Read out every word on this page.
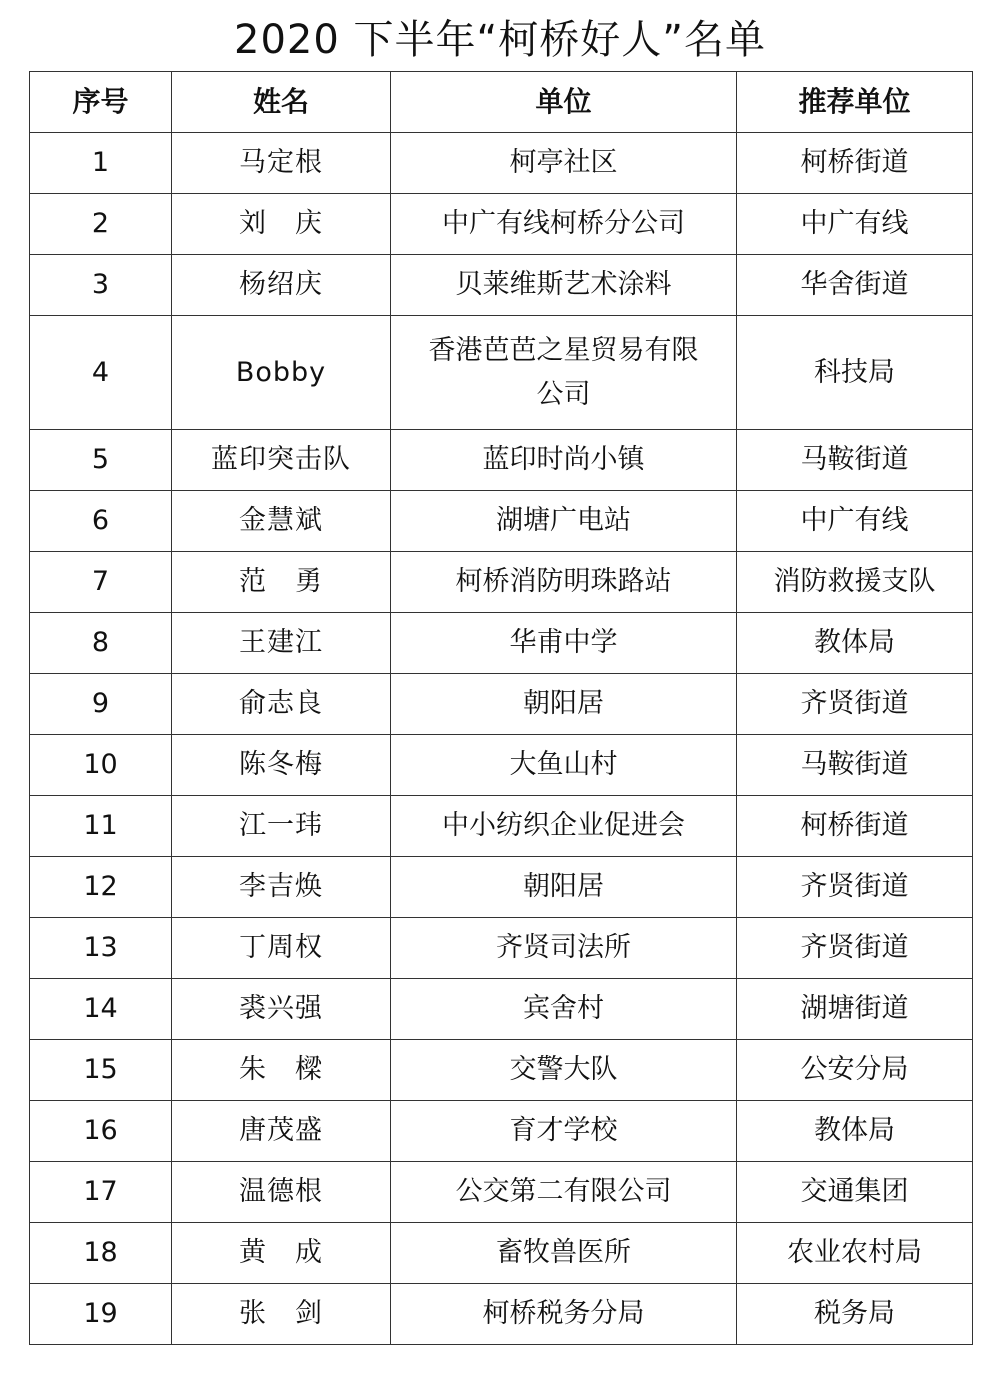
2020 下半年“柯桥好人”名单
序号	姓名	单位	推荐单位
1	马定根	柯亭社区	柯桥街道
2	刘　庆	中广有线柯桥分公司	中广有线
3	杨绍庆	贝莱维斯艺术涂料	华舍街道
4	Bobby	香港芭芭之星贸易有限公司	科技局
5	蓝印突击队	蓝印时尚小镇	马鞍街道
6	金慧斌	湖塘广电站	中广有线
7	范　勇	柯桥消防明珠路站	消防救援支队
8	王建江	华甫中学	教体局
9	俞志良	朝阳居	齐贤街道
10	陈冬梅	大鱼山村	马鞍街道
11	江一玮	中小纺织企业促进会	柯桥街道
12	李吉焕	朝阳居	齐贤街道
13	丁周权	齐贤司法所	齐贤街道
14	裘兴强	宾舍村	湖塘街道
15	朱　樑	交警大队	公安分局
16	唐茂盛	育才学校	教体局
17	温德根	公交第二有限公司	交通集团
18	黄　成	畜牧兽医所	农业农村局
19	张　剑	柯桥税务分局	税务局
